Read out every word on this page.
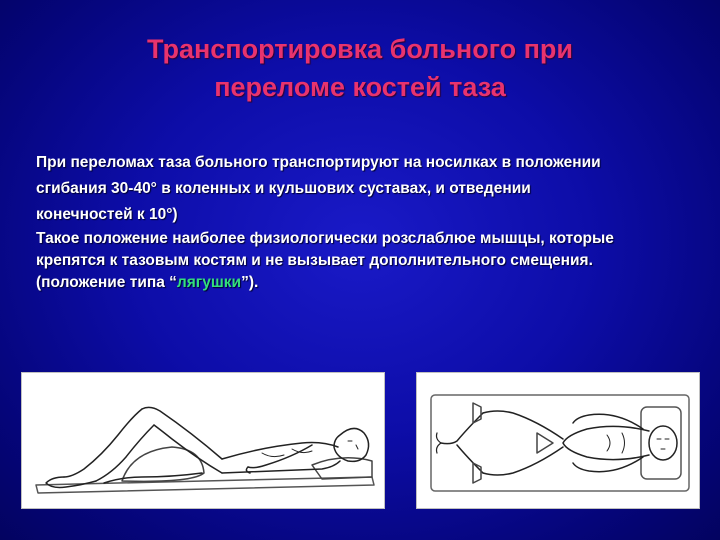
Транспортировка больного при
переломе костей таза
При переломах таза больного транспортируют на носилках в положении
сгибания 30-40° в коленных и кульшових суставах, и отведении
конечностей к 10°)
Такое положение наиболее физиологически розслаблюе мышцы, которые
крепятся к тазовым костям и не вызывает дополнительного смещения.
(положение типа “лягушки”).
